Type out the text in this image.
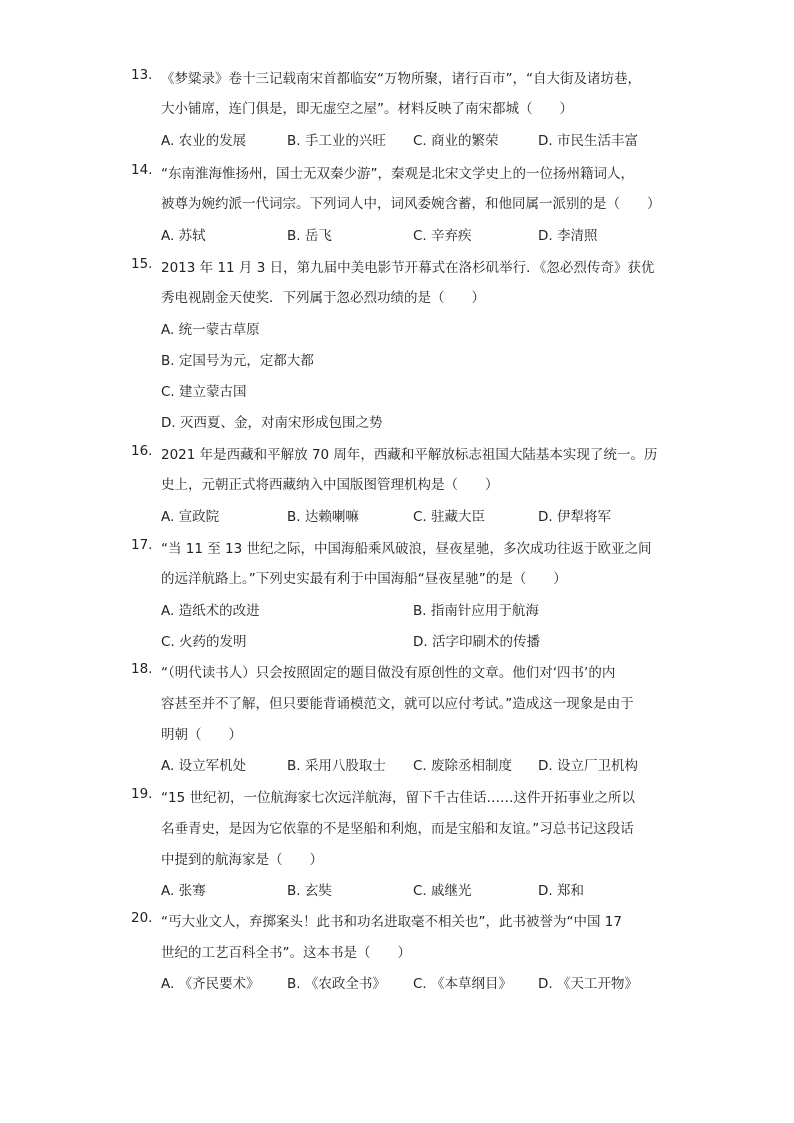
13. 《梦粱录》卷十三记载南宋首都临安“万物所聚，诸行百市”，“自大街及诸坊巷，
大小铺席，连门俱是，即无虚空之屋”。材料反映了南宋都城（　　）
A. 农业的发展	B. 手工业的兴旺 C. 商业的繁荣	D. 市民生活丰富
14. “东南淮海惟扬州，国士无双秦少游”，秦观是北宋文学史上的一位扬州籍词人，
被尊为婉约派一代词宗。下列词人中，词风委婉含蓄，和他同属一派别的是（　　）
A. 苏轼	B. 岳飞	C. 辛弃疾	D. 李清照
15. 2013 年 11 月 3 日，第九届中美电影节开幕式在洛杉矶举行．《忽必烈传奇》获优
秀电视剧金天使奖．下列属于忽必烈功绩的是（　　）
A. 统一蒙古草原
B. 定国号为元，定都大都
C. 建立蒙古国
D. 灭西夏、金，对南宋形成包围之势
16. 2021 年是西藏和平解放 70 周年，西藏和平解放标志祖国大陆基本实现了统一。历
史上，元朝正式将西藏纳入中国版图管理机构是（　　）
A. 宣政院	B. 达赖喇嘛	C. 驻藏大臣	D. 伊犁将军
17. “当 11 至 13 世纪之际，中国海船乘风破浪，昼夜星驰，多次成功往返于欧亚之间
的远洋航路上。”下列史实最有利于中国海船“昼夜星驰”的是（　　）
A. 造纸术的改进	B. 指南针应用于航海
C. 火药的发明	D. 活字印刷术的传播
18. “（明代读书人）只会按照固定的题目做没有原创性的文章。他们对‘四书’的内
容甚至并不了解，但只要能背诵模范文，就可以应付考试。”造成这一现象是由于
明朝（　　）
A. 设立军机处	B. 采用八股取士 C. 废除丞相制度 D. 设立厂卫机构
19. “15 世纪初，一位航海家七次远洋航海，留下千古佳话……这件开拓事业之所以
名垂青史，是因为它依靠的不是坚船和利炮，而是宝船和友谊。”习总书记这段话
中提到的航海家是（　　）
A. 张骞	B. 玄奘	C. 戚继光	D. 郑和
20. “丐大业文人，弃掷案头！此书和功名进取毫不相关也”，此书被誉为“中国 17
世纪的工艺百科全书”。这本书是（　　）
A. 《齐民要术》 B. 《农政全书》 C. 《本草纲目》 D. 《天工开物》
